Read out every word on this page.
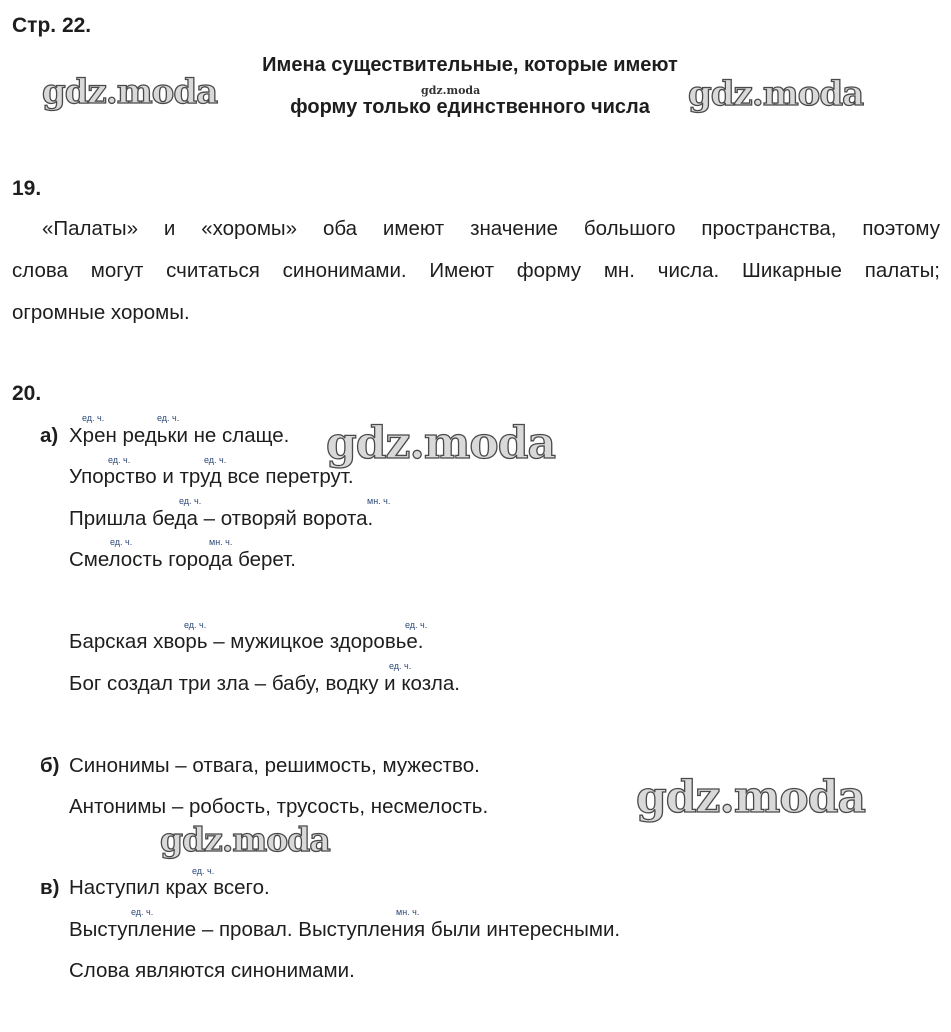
Стр. 22.
Имена существительные, которые имеют
форму только единственного числа
gdz.moda	gdz.moda
gdz.moda
gdz.moda
gdz.moda
gdz.moda
19.

«Палаты» и «хоромы» оба имеют значение большого пространства, поэтому

слова могут считаться синонимами. Имеют форму мн. числа. Шикарные палаты;

огромные хоромы.

20.
а) Хрен редьки не слаще.
Упорство и труд все перетрут.
Пришла беда – отворяй ворота.
Смелость города берет.
Барская хворь – мужицкое здоровье.
Бог создал три зла – бабу, водку и козла.
б) Синонимы – отвага, решимость, мужество.
Антонимы – робость, трусость, несмелость.
в) Наступил крах всего.
Выступление – провал. Выступления были интересными.
Слова являются синонимами.
ед. ч.	ед. ч.
ед. ч.	ед. ч.
ед. ч.	мн. ч.
ед. ч.	мн. ч.
ед. ч.	ед. ч.
ед. ч.
ед. ч.
ед. ч.	мн. ч.
